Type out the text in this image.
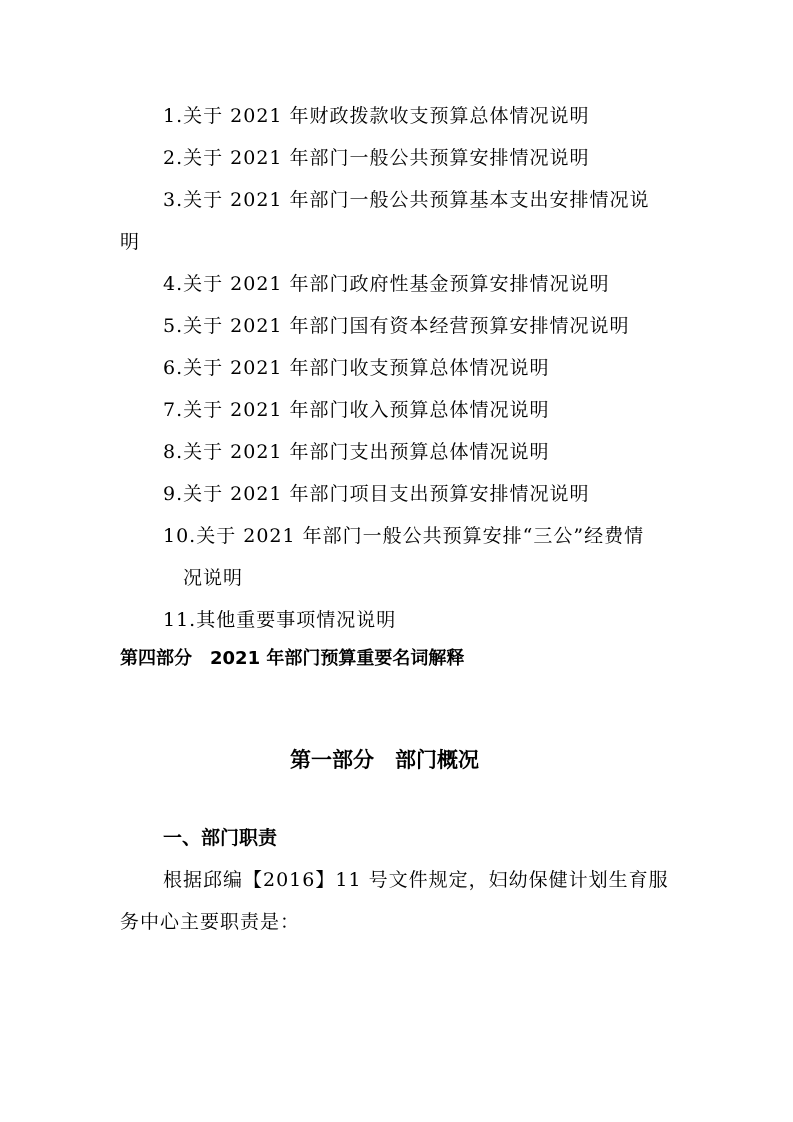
1.关于 2021 年财政拨款收支预算总体情况说明
2.关于 2021 年部门一般公共预算安排情况说明
3.关于 2021 年部门一般公共预算基本支出安排情况说
明
4.关于 2021 年部门政府性基金预算安排情况说明
5.关于 2021 年部门国有资本经营预算安排情况说明
6.关于 2021 年部门收支预算总体情况说明
7.关于 2021 年部门收入预算总体情况说明
8.关于 2021 年部门支出预算总体情况说明
9.关于 2021 年部门项目支出预算安排情况说明
10.关于 2021 年部门一般公共预算安排“三公”经费情
况说明
11.其他重要事项情况说明
第四部分　2021 年部门预算重要名词解释
第一部分　部门概况
一、部门职责
根据邱编【2016】11 号文件规定，妇幼保健计划生育服
务中心主要职责是：
